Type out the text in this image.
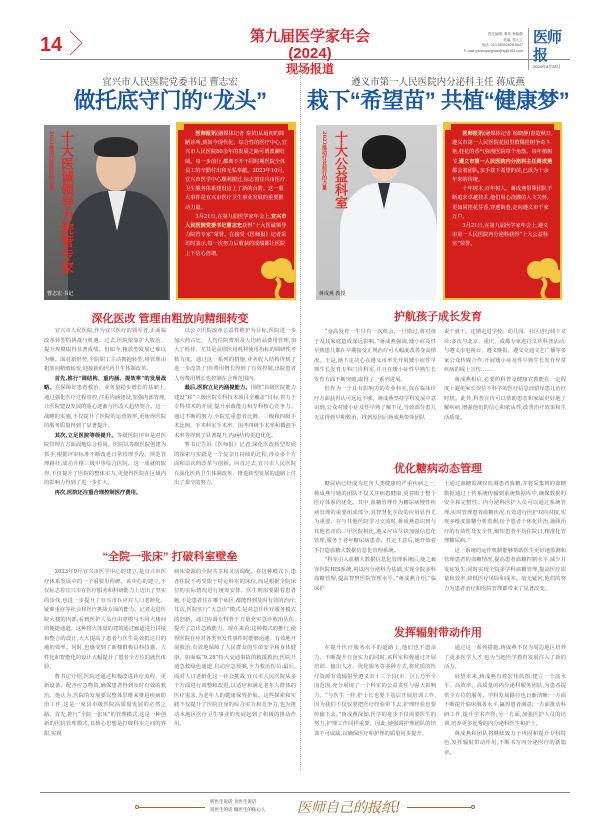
14	第九届医学家年会(2024)
现场报道
责任编辑: 秦苗 杨晓静
美编: 蔡元文
电话: 010-58302828-6847
E-mail:yisbaoyangxiaojing@163.com
医师报
2024年3月28日
宜兴市人民医院党委书记 曹志宏
做托底守门的“龙头”
2023推动行业前行的力量 十大医诚领导力院管专家
曹志宏 书记

医师报讯(融媒体记者 秦苗)从最初的简陋诊所,到如今现代化、综合性的医疗中心,宜兴市人民医院80余年的发展之路可谓波澜壮阔。每一步前行,都离不开不同时期医院全体员工的辛勤付出和无私奉献。2023年10月,宜兴市医学中心顺利搬迁,标志着宜兴市医疗卫生服务体系建设迈上了新的台阶。这一重大事件是宜兴市医疗卫生事业发展的重要推动力量。

3月21日,在第九届医学家年会上,宜兴市人民医院党委书记曹志宏获得“十大医诚领导力院管专家”荣誉。在接受《医师报》记者采访时表示,每一次努力后收获的成绩都让医院上下信心倍增。

深化医改 管理由粗放向精细转变

宜兴市人民医院,作为宜兴医疗的领军者,正面临改革转型的挑战与机遇。过去,医院依靠扩大收治、提升规模取得显著成绩。但如今,粗放型发展已难以为继。面对新形势,全院职工主动拥抱转型,将管理由粗放向精细转变,迎接新的医药卫生体制改革。

首先,推行“调结构、重内涵、提效率”的发展战略。在保障好患者救治、业务量稳步增长的基础上,通过强化医疗过程管控,注重内涵建设,加强内部管理,让医院建设发展的重心逐渐与医改大趋势契合。这一战略的实施,不仅提升了医院的运营效率,更使得医院的服务质量得到了显著提升。

其次,立足医院等级提升。等级医院评审是对医院管理方方面面地综合检阅。医院以等级医院创建为抓手,根据评审标准不断改进日常管理手段、规范管理路径,成功升格三级甲等综合医院。这一成就的取得,不仅提升了医院的整体实力,更使得医院在区域内的影响力得到了进一步扩大。

再次,医院还注重合理控制医疗费用。

以公立医院改革公益性维护为目标,医院进一步加大药占比、人均住院费用及人均药品费用管理,加大了耗材、尤其是高值医用耗材使用指标的调研性考核力度。通过这一系列的措施,业务收入结构得到了进一步改善,门诊费用增长得到了有效控制,出院患者人均费用增长也控制在合理范围内。

最后,医院立足内涵提能力。围绕“县级医院能力建设”和“三级医院专科技术项目全覆盖”目标,着力于专科技术的开展,提升承载能力和专科核心竞争力。通过不断的努力,全院危重患者比例、三级和四级手术比例、手术科室手术率、国考四级手术率和微创手术率等得到了显著提升,内涵结构更趋优化。

曹书记告诉《医师报》记者,深化医改转型发展的探索与实践是一个复杂且持续的过程,涉及多个方面和层次的改革与创新。回首过去,宜兴市人民医院在深化医药卫生体制改革、推进转型发展的道路上付出了艰辛的努力。

“全院一张床” 打破科室壁垒

2023年9月宜兴市医学中心的建立,是宜兴市医疗体系发展中的一个重要里程碑。该中心的建立,不仅标志着宜兴市在医疗服务和科研能力上迈出了坚实的步伐,也进一步提升了宜兴市在应对人口老龄化、疑难重症等社会和医疗挑战方面的能力。记者走进医院大楼的内部,看到医护人员自由穿梭与不同大楼间的便捷通道。这种将大体量的建筑通过廊道进行拼接和整合的设计,大大提高了患者与医生高效抵达目的地的效率。同时,也感受到了新楼群极具科技感、人性化和智能化的设计大幅提升了患者全方位的就医体验。

曹书记介绍,医院还通过积极改进诊疗流程、更新设备、配齐应急物资,确保患者得到及时有效的救治。他认为,医院的发展要以整体思维来推进疾病防治工作,这是一家县市级医院高质量发展的必然之路。首先,推行“全院一张床”的管理模式,这是一种创新的医院管理模式,其核心思想是打破科室之间的界限,实现

病床资源的全院共享和灵活调配。在这种模式下,患者住院不再受限于特定科室的床位,而是根据全院床位的实际情况进行统筹安排。医生则需要跟着患者跑,不论患者住在哪个病区,都能得到及时有效的治疗;其次,医院实行“大急诊”模式,是对急诊医疗服务模式的创新。通过协调专科骨干力量充实急诊救治队伍,提升了急诊急救能力。现在来看,这种模式的推行,使得医院在应对各类突发性事件时能够迅速、有效地开展救治,有效地保障了人民群众的生命安全和身体健康。如面临“9.28”特大交通事故的救援救治,医院开通急救绿色通道,启动应急预案,全力救治伤员;最后,面对人口老龄化这一社会挑战,宜兴市人民医院从多个方面进行调整和改进,以适应和满足老年人群体的医疗需求,为老年人的健康保驾护航。这些探索和实践不仅提升了医院自身的综合实力和竞争力,也为推动本地区医疗卫生事业的发展起到了积极的推动作用。

遵义市第一人民医院内分泌科主任 蒋成燕
栽下“希望苗” 共植“健康梦”
2023推动行业前行的力量 十大公益科室
蒋成燕 教授

医师报讯(融媒体记者 杨晓静)春造秋日,遵义市第一人民医院花园里救稀桂树争奇斗艳,桂花的香气弥漫医院每个角落。每年植树节,遵义市第一人民医院内分泌科主任蒋成燕都会着团队,亲手栽下希望的苗,已成为十余年来的传统。

十年树木,百年树人。蒋成燕带领团队不断追求卓越技术,他们用心浇灌的人文关怀,更如同桂花芬香,穿透街巷,走向遵义市千家万户。

3月21日,在第九届医学家年会上,遵义市第一人民医院内分泌科获得“十大公益科室”荣誉。

护航孩子成长发育

“身高发育一生只有一次机会,一旦错过,将对孩子及其家庭造成深远影响。”蒋成燕强调,矮小症及性早熟患儿都在早期接受正规治疗可大幅度改善身高情况。于是,她下定决心在遵义市率先开展矮小症性早熟生长发育专科门诊科室,并且在矮小症性早熟生长发育方面不断突破,取得了一系列进展。

但作为一个具有影响力的专业科室,仅在临床诊疗方面获得认可远远不够。蒋成燕坚持学科发展中意识到,公众对矮小症及性早熟了解不足,导致部分患儿无法得到早期救治。找到原因后蒋成燕带领团队

说干就干。定期走进学校、幼儿园、社区进行线下义诊;多次与北京、重庆、成都专家进行义诊科普活动;与遵义市电视台、遵义晚报、遵义交通文艺广播等多家公众传媒合作,开展矮小症及性早熟生长发育异常疾病的线上宣传……

蒋成燕相信,必要的科普及健康宣教能在一定程度上避免家长误信不科学的医疗信息而错误患儿治疗时机。此外,科普宣传可以帮助患者和家属更好地了解疾病,增强他们的信心和依从性,改善治疗效果和生活质量。

优化糖病动态管理

糖尿病已经成为危害人类健康的严重疾病之一,蒋成燕与她的团队不仅关注病患健康,更着眼于整个医疗体系的优化。其中,血糖管理作为糖尿病慢性疾病管理的重要组成部分,其智慧化手段的应用显得尤为重要。在与其他医院学习交流时,蒋成燕意识到与其他省市的三甲医院相比,遵义应该尽快加强信息化管理,服务于老年糖尿病患者。打定主意后,她开始着手打造血糖大数据信息化管理系统。

“科室引入血糖大数据信息化管理系统后,使之兼容医院HIS系统,再以内分泌科为基础,实现全院多科血糖管理,提高智慧医院管理水平。”蒋成燕介绍,“临床护

士通过血糖监测仪监测患者血糖,并将采集到的血糖数据通过上传系统传输到系统数据库中,确保数据的安全和完整性。内分泌科医护人员可以通过系统管理,实时管理患者血糖状况,有效进行医护双向对接,实现多维度血糖分析监测,给予患者个体化诊治,兼顾治疗的有效性及安全性,缩短患者平均住院日,精准化管理糖尿病。”

这一系统的运作机制能够帮助医生更好地监测和管理患者的血糖情况,提高患者血糖控制水平,减少并发症发生;同时实现全院多学科血糖管理,提高医疗质量和效率,降低医疗风险和成本。毫无疑问,他们的努力为患者治疗和医院管理都带来了显著改变。

发挥辐射带动作用

在提升医疗服务水平的道路上,他们也不遗余力。不断提升自身实力的同时,该科室积极通过开展培训、输出人才、优化服务等多种方式,将优质的医疗资源有效辐射至遵义市十三个县(市、区),乃至全国范围,充分展现了一个科室的公益责任与强大影响力。“与医生一样,护士长也要下基层开展培训工作,因为我们不仅仅要把医疗经验带下去,护理经验也要传输下去。”蒋成燕深知,医学的进步不仅需要医生的努力,护理工作同样重要。因此,她强调护理团队的培训不可或缺,以确保医疗和护理的质量同步提升。

通过这一系列措施,蒋成燕不仅为周边地区培养了更多医学人才,也为当地医学教育发展注入了新的活力。

展望未来,蒋成燕有着宏伟蓝图:建立一个高水平、高效率、高质量的内分泌科服务团队,为患者提供全方位的服务。学科发展路径也日渐清晰:一方面不断提升临床服务水平,赢得患者满意;一方面推动科研工作,提升学术声誉;另一方面,加强医护人员的培训,培养更多优秀的内分泌科医生和护士。

蒋成燕和团队将继续致力于巩固和提升专科特色,发挥辐射带动作用,不断书写内分泌医疗的新篇章。

听医生说话 为医生说话
说医生的话 做医生的贴心人 医师自己的报纸!
